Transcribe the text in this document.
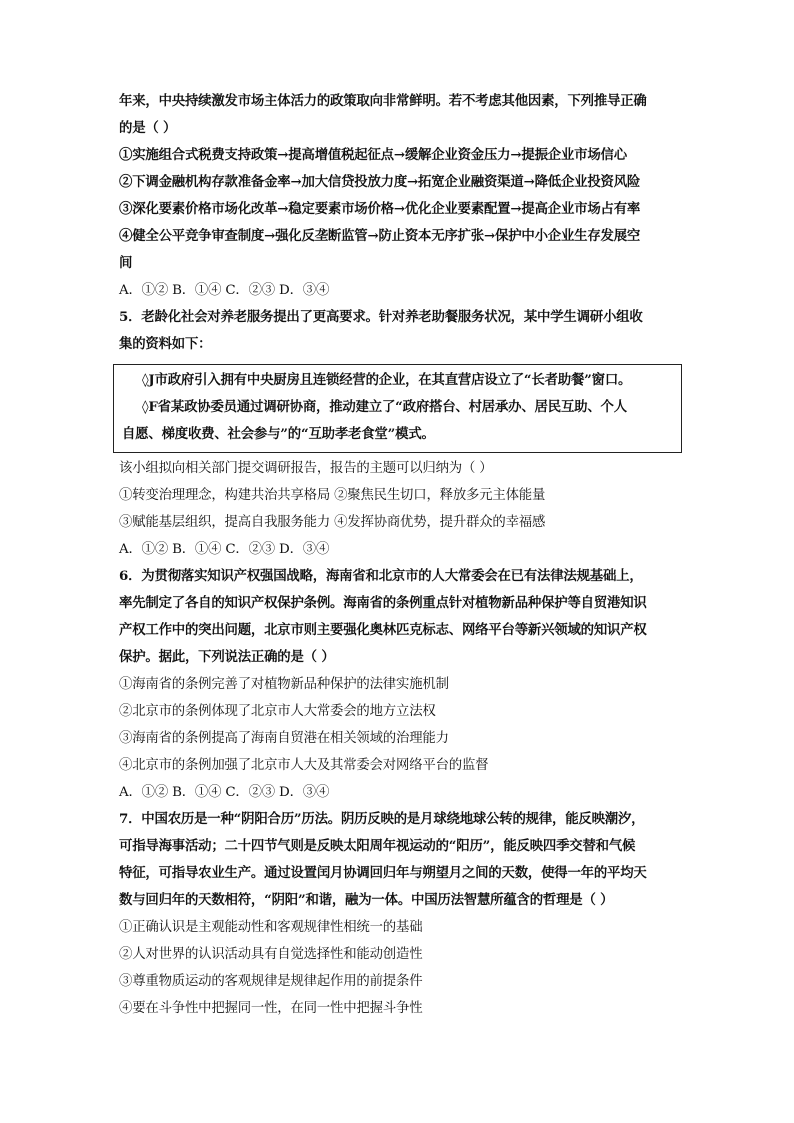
年来，中央持续激发市场主体活力的政策取向非常鲜明。若不考虑其他因素，下列推导正确
的是（ ）
①实施组合式税费支持政策→提高增值税起征点→缓解企业资金压力→提振企业市场信心
②下调金融机构存款准备金率→加大信贷投放力度→拓宽企业融资渠道→降低企业投资风险
③深化要素价格市场化改革→稳定要素市场价格→优化企业要素配置→提高企业市场占有率
④健全公平竞争审查制度→强化反垄断监管→防止资本无序扩张→保护中小企业生存发展空
间
A．①② B．①④ C．②③ D．③④
5．老龄化社会对养老服务提出了更高要求。针对养老助餐服务状况，某中学生调研小组收
集的资料如下：
◊J市政府引入拥有中央厨房且连锁经营的企业，在其直营店设立了“长者助餐”窗口。
◊F省某政协委员通过调研协商，推动建立了“政府搭台、村居承办、居民互助、个人
自愿、梯度收费、社会参与”的“互助孝老食堂”模式。
该小组拟向相关部门提交调研报告，报告的主题可以归纳为（ ）
①转变治理理念，构建共治共享格局 ②聚焦民生切口，释放多元主体能量
③赋能基层组织，提高自我服务能力 ④发挥协商优势，提升群众的幸福感
A．①② B．①④ C．②③ D．③④
6．为贯彻落实知识产权强国战略，海南省和北京市的人大常委会在已有法律法规基础上，
率先制定了各自的知识产权保护条例。海南省的条例重点针对植物新品种保护等自贸港知识
产权工作中的突出问题，北京市则主要强化奥林匹克标志、网络平台等新兴领域的知识产权
保护。据此，下列说法正确的是（ ）
①海南省的条例完善了对植物新品种保护的法律实施机制
②北京市的条例体现了北京市人大常委会的地方立法权
③海南省的条例提高了海南自贸港在相关领域的治理能力
④北京市的条例加强了北京市人大及其常委会对网络平台的监督
A．①② B．①④ C．②③ D．③④
7．中国农历是一种“阴阳合历”历法。阴历反映的是月球绕地球公转的规律，能反映潮汐，
可指导海事活动；二十四节气则是反映太阳周年视运动的“阳历”，能反映四季交替和气候
特征，可指导农业生产。通过设置闰月协调回归年与朔望月之间的天数，使得一年的平均天
数与回归年的天数相符，“阴阳”和谐，融为一体。中国历法智慧所蕴含的哲理是（ ）
①正确认识是主观能动性和客观规律性相统一的基础
②人对世界的认识活动具有自觉选择性和能动创造性
③尊重物质运动的客观规律是规律起作用的前提条件
④要在斗争性中把握同一性，在同一性中把握斗争性
